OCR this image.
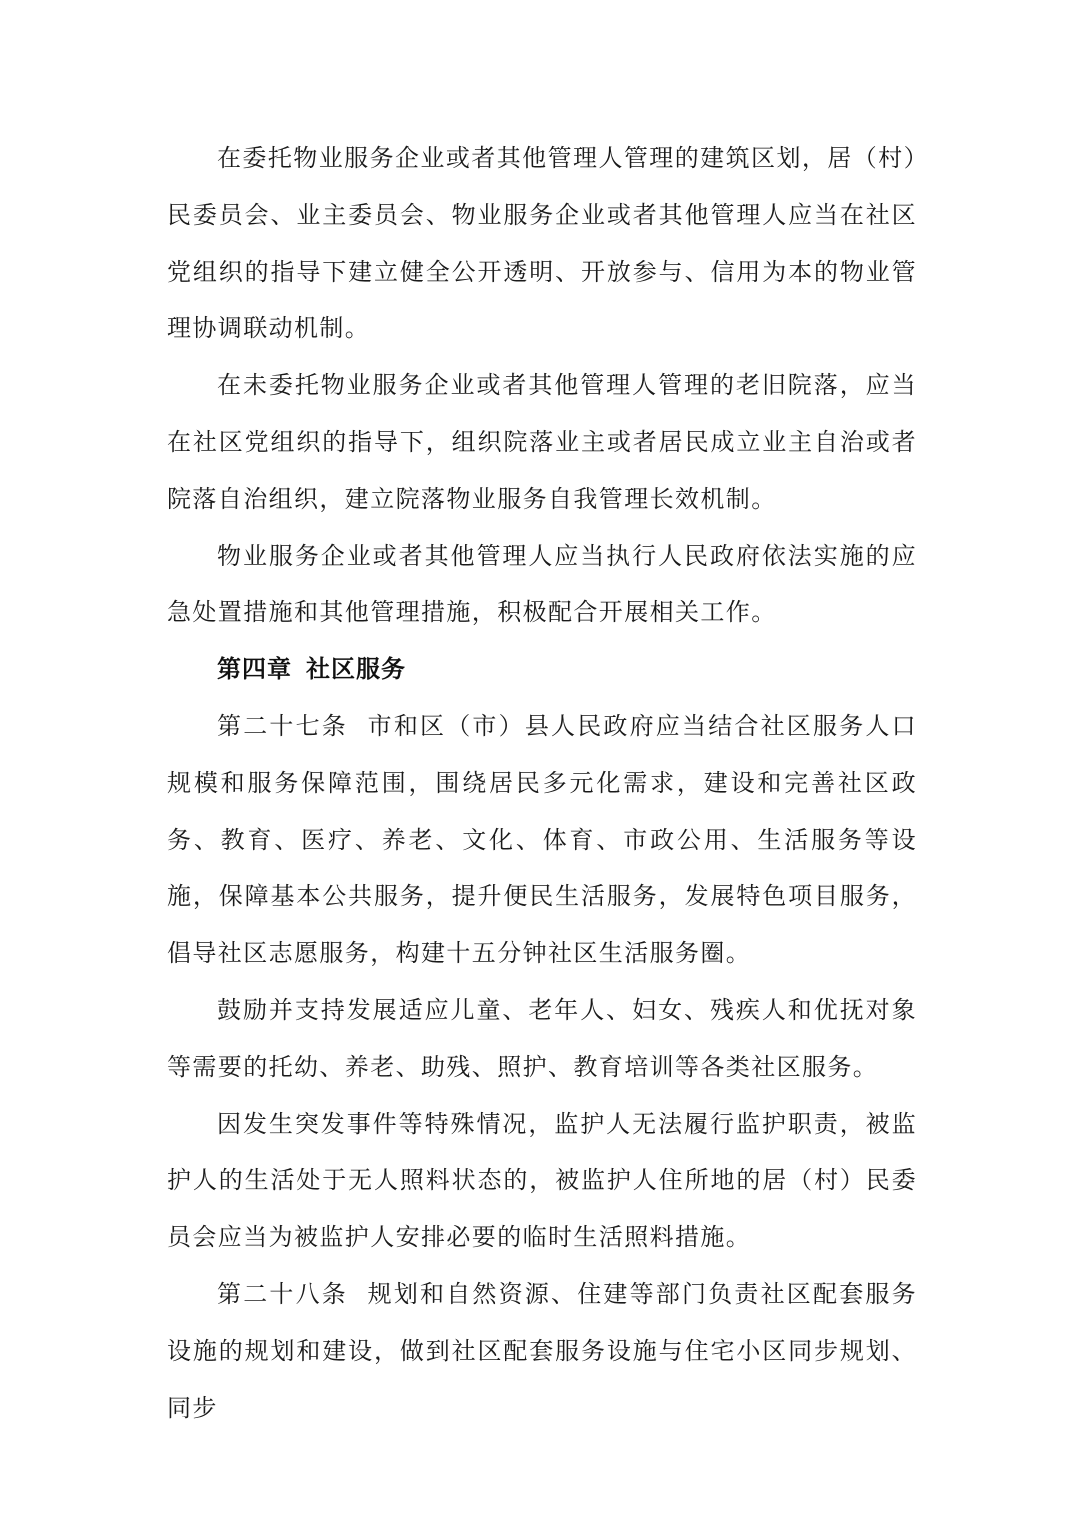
在委托物业服务企业或者其他管理人管理的建筑区划，居（村）民委员会、业主委员会、物业服务企业或者其他管理人应当在社区党组织的指导下建立健全公开透明、开放参与、信用为本的物业管理协调联动机制。

在未委托物业服务企业或者其他管理人管理的老旧院落，应当在社区党组织的指导下，组织院落业主或者居民成立业主自治或者院落自治组织，建立院落物业服务自我管理长效机制。

物业服务企业或者其他管理人应当执行人民政府依法实施的应急处置措施和其他管理措施，积极配合开展相关工作。

第四章 社区服务

第二十七条  市和区（市）县人民政府应当结合社区服务人口规模和服务保障范围，围绕居民多元化需求，建设和完善社区政务、教育、医疗、养老、文化、体育、市政公用、生活服务等设施，保障基本公共服务，提升便民生活服务，发展特色项目服务，倡导社区志愿服务，构建十五分钟社区生活服务圈。

鼓励并支持发展适应儿童、老年人、妇女、残疾人和优抚对象等需要的托幼、养老、助残、照护、教育培训等各类社区服务。

因发生突发事件等特殊情况，监护人无法履行监护职责，被监护人的生活处于无人照料状态的，被监护人住所地的居（村）民委员会应当为被监护人安排必要的临时生活照料措施。

第二十八条  规划和自然资源、住建等部门负责社区配套服务设施的规划和建设，做到社区配套服务设施与住宅小区同步规划、同步
